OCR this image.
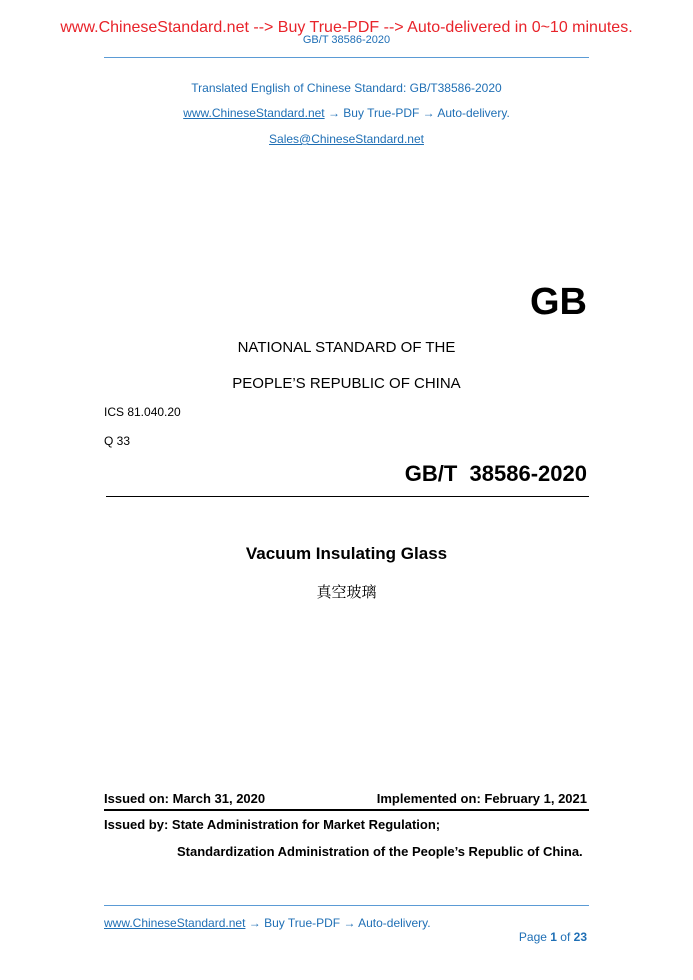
www.ChineseStandard.net --> Buy True-PDF --> Auto-delivered in 0~10 minutes.
GB/T 38586-2020
Translated English of Chinese Standard: GB/T38586-2020
www.ChineseStandard.net → Buy True-PDF → Auto-delivery.
Sales@ChineseStandard.net
GB
NATIONAL STANDARD OF THE
PEOPLE’S REPUBLIC OF CHINA
ICS 81.040.20
Q 33
GB/T  38586-2020
Vacuum Insulating Glass
真空玻璃
Issued on: March 31, 2020	Implemented on: February 1, 2021
Issued by: State Administration for Market Regulation;
Standardization Administration of the People’s Republic of China.
www.ChineseStandard.net → Buy True-PDF → Auto-delivery.

Page 1 of 23
